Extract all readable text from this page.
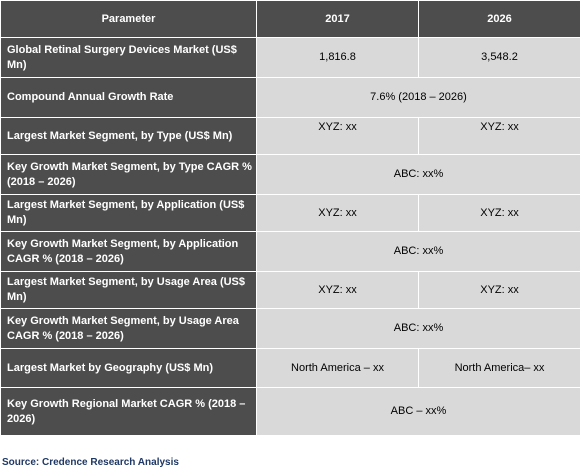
Parameter	2017	2026
Global Retinal Surgery Devices Market (US$ Mn)	1,816.8	3,548.2
Compound Annual Growth Rate	7.6% (2018 – 2026)	
Largest Market Segment, by Type (US$ Mn)	XYZ: xx	XYZ: xx
Key Growth Market Segment, by Type CAGR % (2018 – 2026)	ABC: xx%	
Largest Market Segment, by Application (US$ Mn)	XYZ: xx	XYZ: xx
Key Growth Market Segment, by Application CAGR % (2018 – 2026)	ABC: xx%	
Largest Market Segment, by Usage Area (US$ Mn)	XYZ: xx	XYZ: xx
Key Growth Market Segment, by Usage Area CAGR % (2018 – 2026)	ABC: xx%	
Largest Market by Geography (US$ Mn)	North America – xx	North America– xx
Key Growth Regional Market CAGR % (2018 – 2026)	ABC – xx%	
Source: Credence Research Analysis
